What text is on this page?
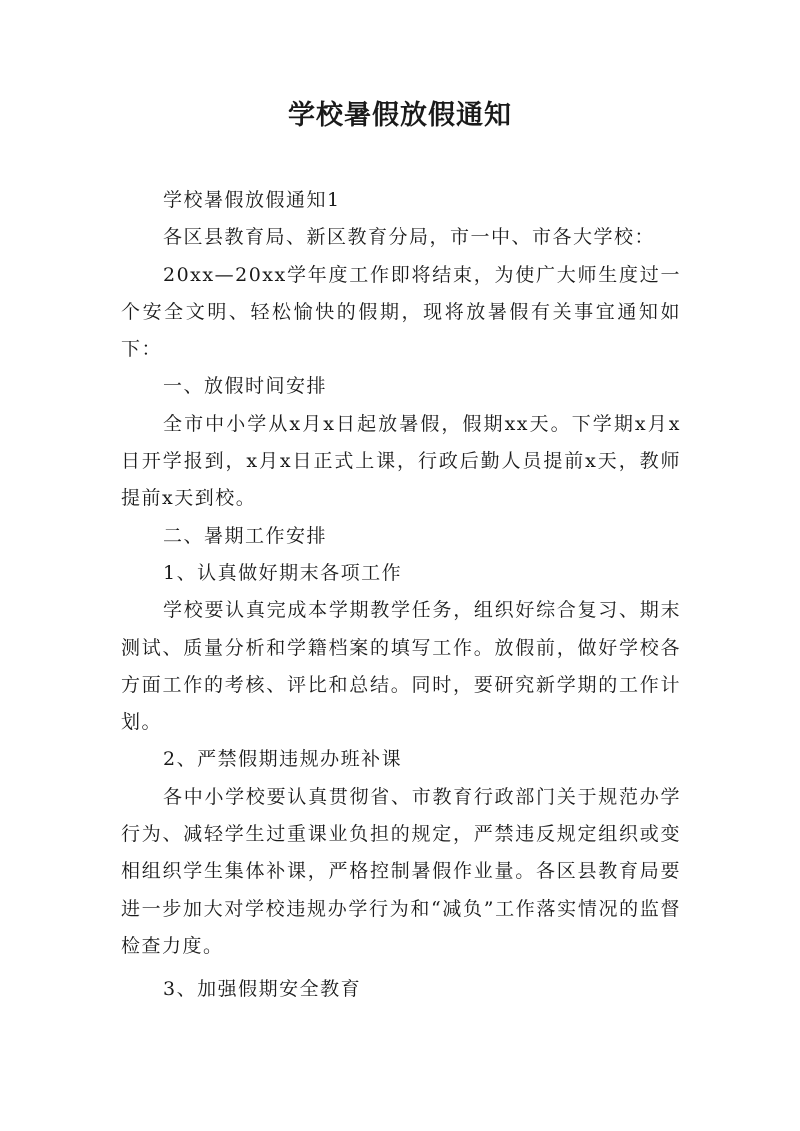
学校暑假放假通知

学校暑假放假通知1

各区县教育局、新区教育分局，市一中、市各大学校：

20xx—20xx学年度工作即将结束，为使广大师生度过一个安全文明、轻松愉快的假期，现将放暑假有关事宜通知如下：

一、放假时间安排

全市中小学从x月x日起放暑假，假期xx天。下学期x月x日开学报到，x月x日正式上课，行政后勤人员提前x天，教师提前x天到校。

二、暑期工作安排

1、认真做好期末各项工作

学校要认真完成本学期教学任务，组织好综合复习、期末测试、质量分析和学籍档案的填写工作。放假前，做好学校各方面工作的考核、评比和总结。同时，要研究新学期的工作计划。

2、严禁假期违规办班补课

各中小学校要认真贯彻省、市教育行政部门关于规范办学行为、减轻学生过重课业负担的规定，严禁违反规定组织或变相组织学生集体补课，严格控制暑假作业量。各区县教育局要进一步加大对学校违规办学行为和“减负”工作落实情况的监督检查力度。

3、加强假期安全教育
